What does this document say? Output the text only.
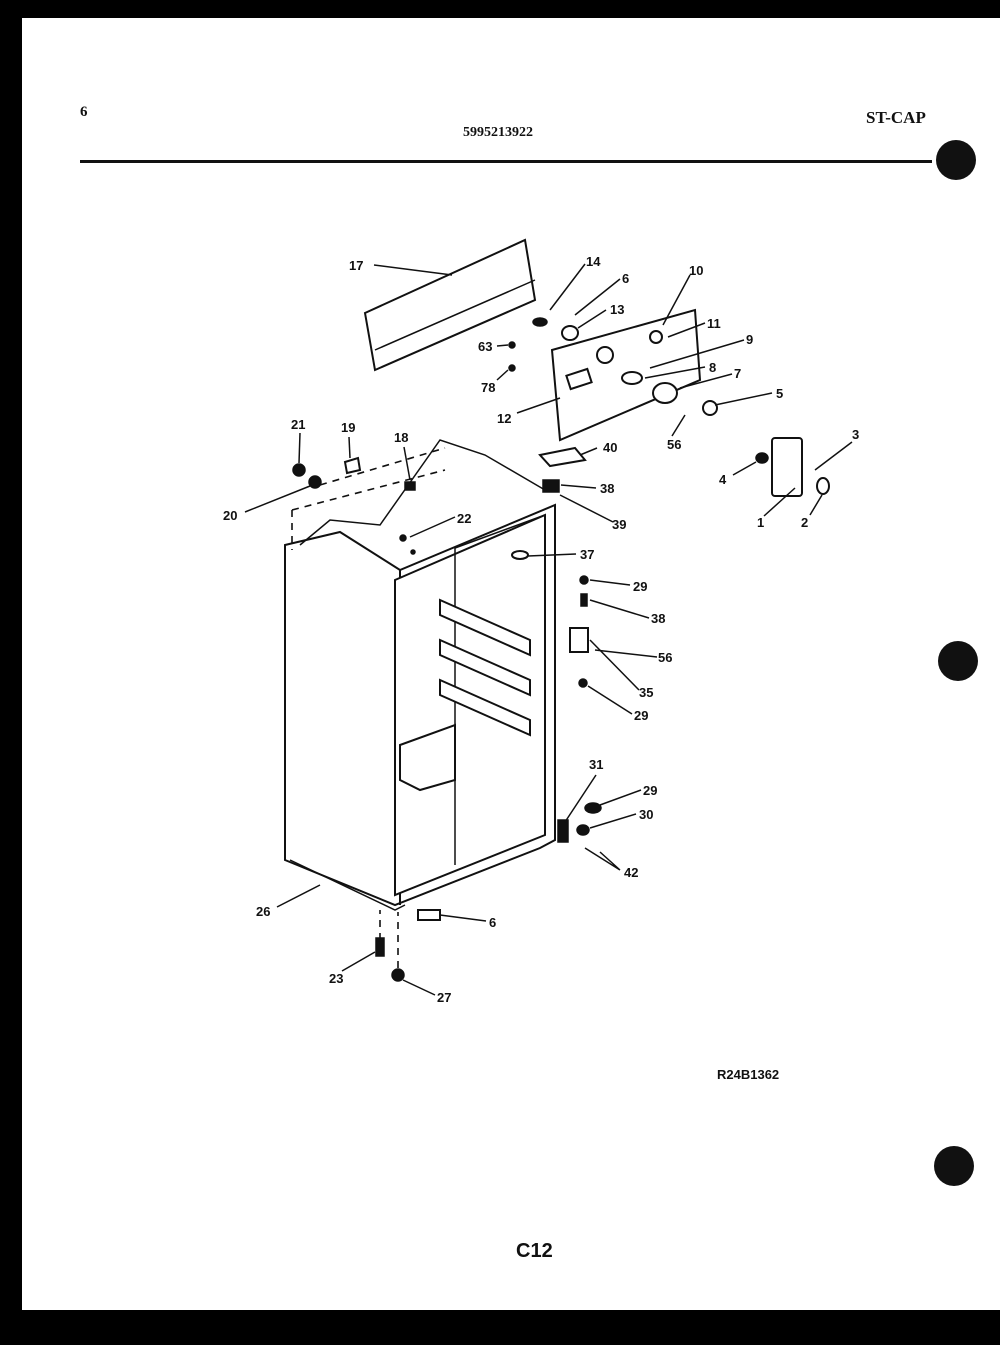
6
5995213922
ST-CAP
17	14
6
13
10
11
9
8 7
5
63
78
12
56
3
4
1	2
40
38
39
37
29
38
56
35
29
31
29
30
42
6
27
23
26
21	19
18
20	22
R24B1362
C12
